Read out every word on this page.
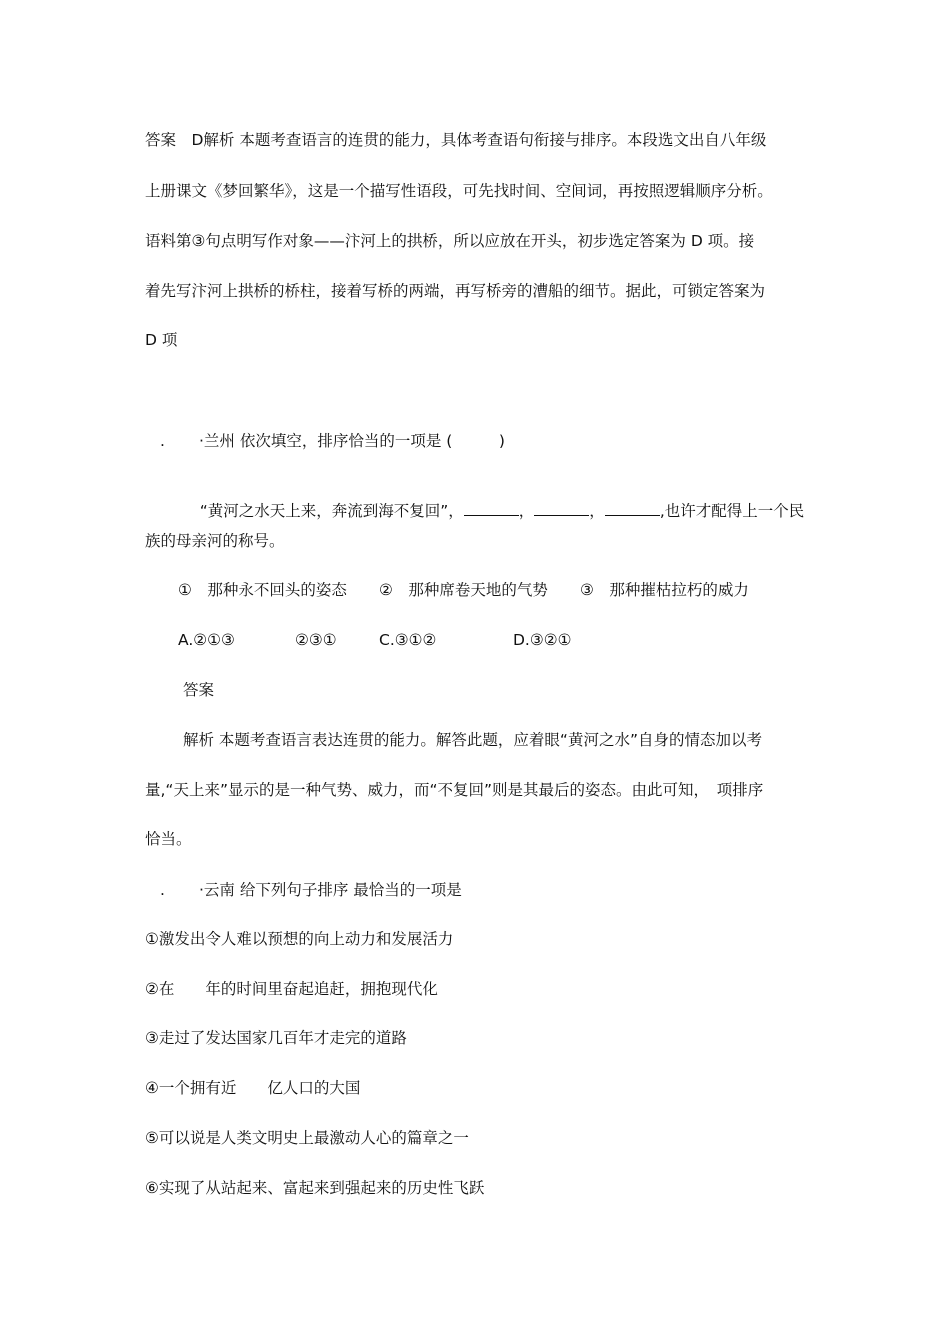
答案　D解析 本题考查语言的连贯的能力，具体考查语句衔接与排序。本段选文出自八年级
上册课文《梦回繁华》，这是一个描写性语段，可先找时间、空间词，再按照逻辑顺序分析。
语料第③句点明写作对象——汴河上的拱桥，所以应放在开头，初步选定答案为 D 项。接
着先写汴河上拱桥的桥柱，接着写桥的两端，再写桥旁的漕船的细节。据此，可锁定答案为
D 项
. ·兰州 依次填空，排序恰当的一项是 (　　　)

“黄河之水天上来，奔流到海不复回”，	，	，	,也许才配得上一个民

族的母亲河的称号。
①　那种永不回头的姿态 ②　那种席卷天地的气势 ③　那种摧枯拉朽的威力
A.②①③	②③①	C.③①②	D.③②①
答案
解析 本题考查语言表达连贯的能力。解答此题，应着眼“黄河之水”自身的情态加以考
量,“天上来”显示的是一种气势、威力，而“不复回”则是其最后的姿态。由此可知，　项排序
恰当。
. ·云南 给下列句子排序 最恰当的一项是
①激发出令人难以预想的向上动力和发展活力
②在　　年的时间里奋起追赶，拥抱现代化
③走过了发达国家几百年才走完的道路
④一个拥有近　　亿人口的大国
⑤可以说是人类文明史上最激动人心的篇章之一
⑥实现了从站起来、富起来到强起来的历史性飞跃
